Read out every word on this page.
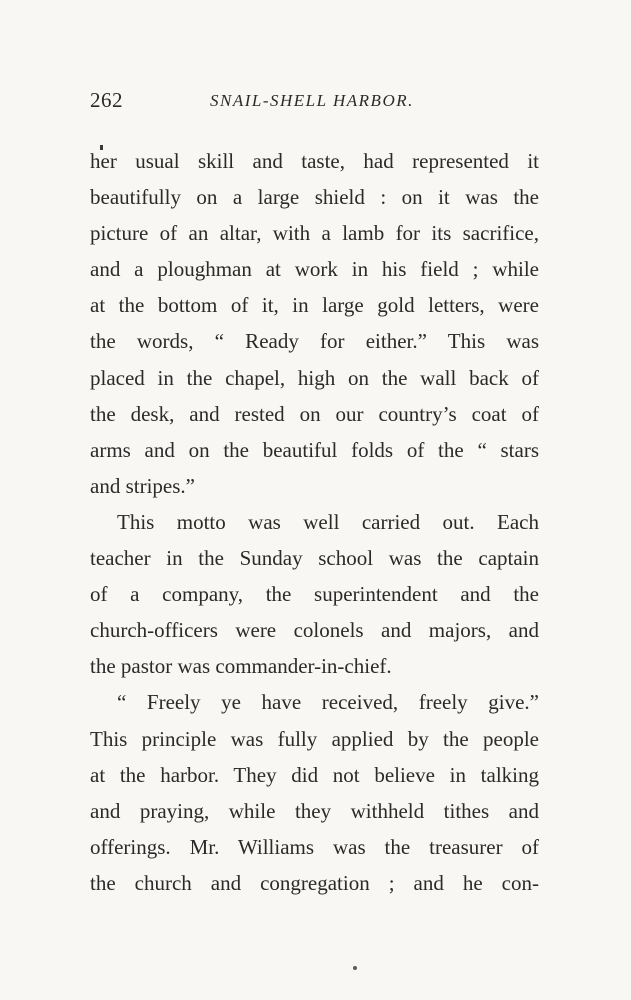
262	SNAIL-SHELL HARBOR.
her usual skill and taste, had represented it
beautifully on a large shield : on it was the
picture of an altar, with a lamb for its sacrifice,
and a ploughman at work in his field ; while
at the bottom of it, in large gold letters, were
the words, “ Ready for either.” This was
placed in the chapel, high on the wall back of
the desk, and rested on our country’s coat of
arms and on the beautiful folds of the “ stars
and stripes.”
This motto was well carried out. Each
teacher in the Sunday school was the captain
of a company, the superintendent and the
church-officers were colonels and majors, and
the pastor was commander-in-chief.
“ Freely ye have received, freely give.”
This principle was fully applied by the people
at the harbor. They did not believe in talking
and praying, while they withheld tithes and
offerings. Mr. Williams was the treasurer of
the church and congregation ; and he con-
